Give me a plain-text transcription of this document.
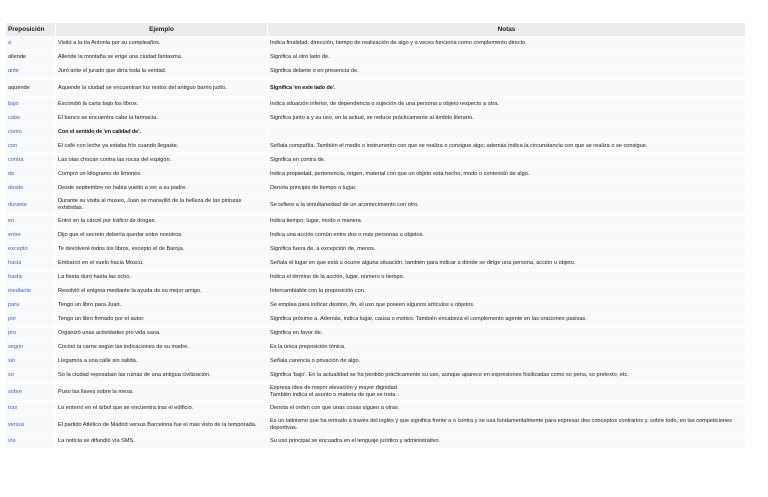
Preposición	Ejemplo	Notas
a	Visitó a la tía Antonia por su cumpleaños.	Indica finalidad, dirección, tiempo de realización de algo y a veces funciona como complemento directo.
allende	Allende la montaña se erige una ciudad fantasma.	Significa al otro lado de.
ante	Juró ante el jurado que diría toda la verdad.	Significa delante o en presencia de.
aquende	Aquende la ciudad se encuentran los restos del antiguo barrio judío.	Significa 'en este lado de'.
bajo	Escondió la carta bajo los libros.	Indica situación inferior, de dependencia o sujeción de una persona u objeto respecto a otra.
cabe	El banco se encuentra cabe la farmacia.	Significa junto a y su uso, en la actual, se reduce prácticamente al ámbito literario.
como	Con el sentido de 'en calidad de'.	
con	El café con leche ya estaba frío cuando llegaste.	Señala compañía. También el medio o instrumento con que se realiza o consigue algo; además indica la circunstancia con que se realiza o se consigue.
contra	Las olas chocan contra las rocas del espigón.	Significa en contra de.
de	Compró un kilogramo de limones.	Indica propiedad, pertenencia, origen, material con que un objeto está hecho, modo o contenido de algo.
desde	Desde septiembre no había vuelto a ver a su padre.	Denota principio de tiempo o lugar.
durante	Durante su visita al museo, Juan se maravilló de la belleza de las pinturas exhibidas.	Se refiere a la simultaneidad de un acontecimiento con otro.
en	Entró en la cárcel por tráfico de drogas.	Indica tiempo, lugar, modo o manera.
entre	Dijo que el secreto debería quedar entre nosotros.	Indica una acción común entre dos o más personas u objetos.
excepto	Te devolveré todos los libros, excepto el de Baroja.	Significa fuera de, a excepción de, menos.
hacia	Embarcó en el vuelo hacia Moscú.	Señala el lugar en que está u ocurre alguna situación, también para indicar a dónde se dirige una persona, acción u objeto.
hasta	La fiesta duró hasta las ocho.	Indica el término de la acción, lugar, número o tiempo.
mediante	Resolvió el enigma mediante la ayuda de su mejor amigo.	Intercambiable con la preposición con.
para	Tengo un libro para Juan.	Se emplea para indicar destino, fin, el uso que poseen algunos artículos u objetos.
por	Tengo un libro firmado por el autor.	Significa próximo a. Además, indica lugar, causa o motivo. También encabeza el complemento agente en las oraciones pasivas.
pro	Organizó unas actividades pro vida sana.	Significa en favor de.
según	Cocinó la carne según las indicaciones de su madre.	Es la única preposición tónica.
sin	Llegamos a una calle sin salida.	Señala carencia o privación de algo.
so	So la ciudad reposaban las ruinas de una antigua civilización.	Significa 'bajo'. En la actualidad se ha perdido prácticamente su uso, aunque aparece en expresiones fosilizadas como so pena, so pretexto, etc.
sobre	Puso las llaves sobre la mesa.	Expresa idea de mayor elevación y mayor dignidad.
También indica el asunto o materia de que se trata.

tras	Lo enterró en el árbol que se encuentra tras el edificio.	Denota el orden con que unas cosas siguen a otras.
versus	El partido Atlético de Madrid versus Barcelona fue el más visto de la temporada.	Es un latinismo que ha entrado a través del inglés y que significa frente a o contra y se usa fundamentalmente para expresar dos conceptos contrarios y, sobre todo, en las competiciones deportivas.
vía	La noticia se difundió vía SMS.	Su uso principal se encuadra en el lenguaje jurídico y administrativo.
